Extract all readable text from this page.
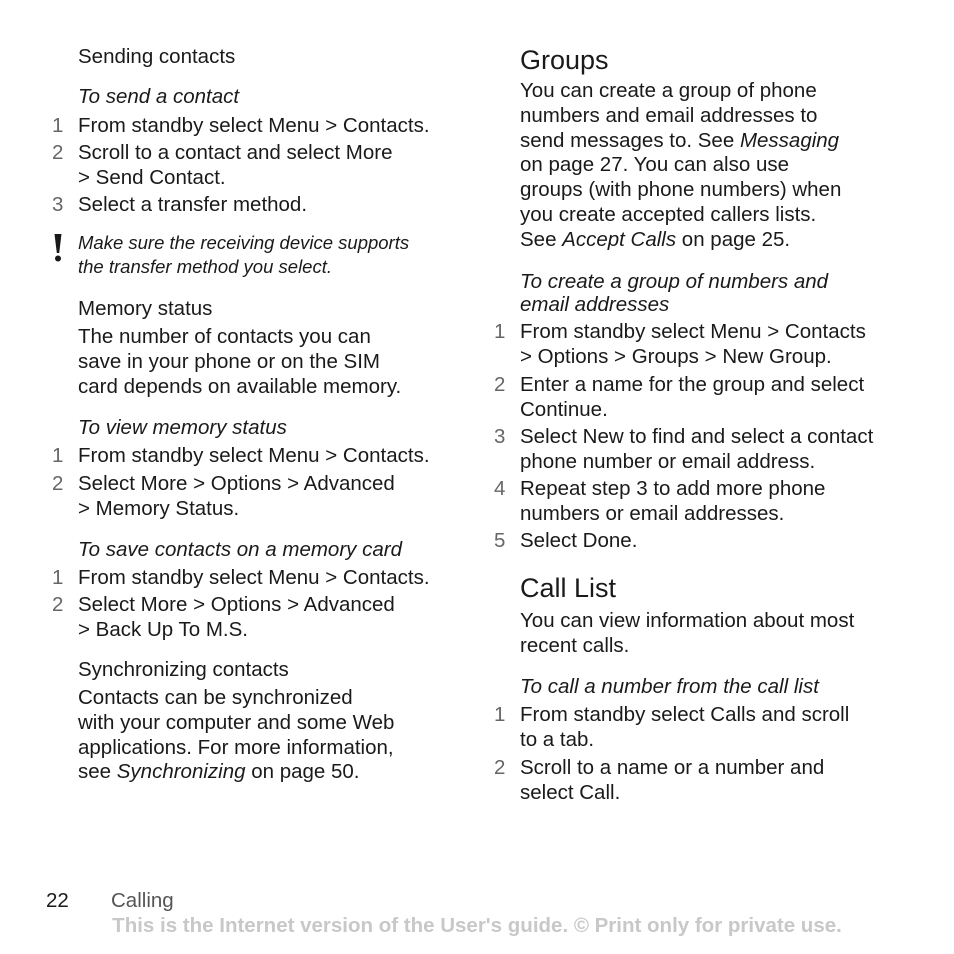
Sending contacts
To send a contact
1 From standby select Menu > Contacts.
2 Scroll to a contact and select More
> Send Contact.
3 Select a transfer method.
Make sure the receiving device supports
the transfer method you select.
Memory status
The number of contacts you can
save in your phone or on the SIM
card depends on available memory.
To view memory status
1 From standby select Menu > Contacts.
2 Select More > Options > Advanced
> Memory Status.
To save contacts on a memory card
1 From standby select Menu > Contacts.
2 Select More > Options > Advanced
> Back Up To M.S.
Synchronizing contacts
Contacts can be synchronized
with your computer and some Web
applications. For more information,
see Synchronizing on page 50.
Groups
You can create a group of phone
numbers and email addresses to
send messages to. See Messaging
on page 27. You can also use
groups (with phone numbers) when
you create accepted callers lists.
See Accept Calls on page 25.
To create a group of numbers and
email addresses
1 From standby select Menu > Contacts
> Options > Groups > New Group.
2 Enter a name for the group and select
Continue.
3 Select New to find and select a contact
phone number or email address.
4 Repeat step 3 to add more phone
numbers or email addresses.
5 Select Done.
Call List
You can view information about most
recent calls.
To call a number from the call list
1 From standby select Calls and scroll
to a tab.
2 Scroll to a name or a number and
select Call.
22 Calling
This is the Internet version of the User's guide. © Print only for private use.
